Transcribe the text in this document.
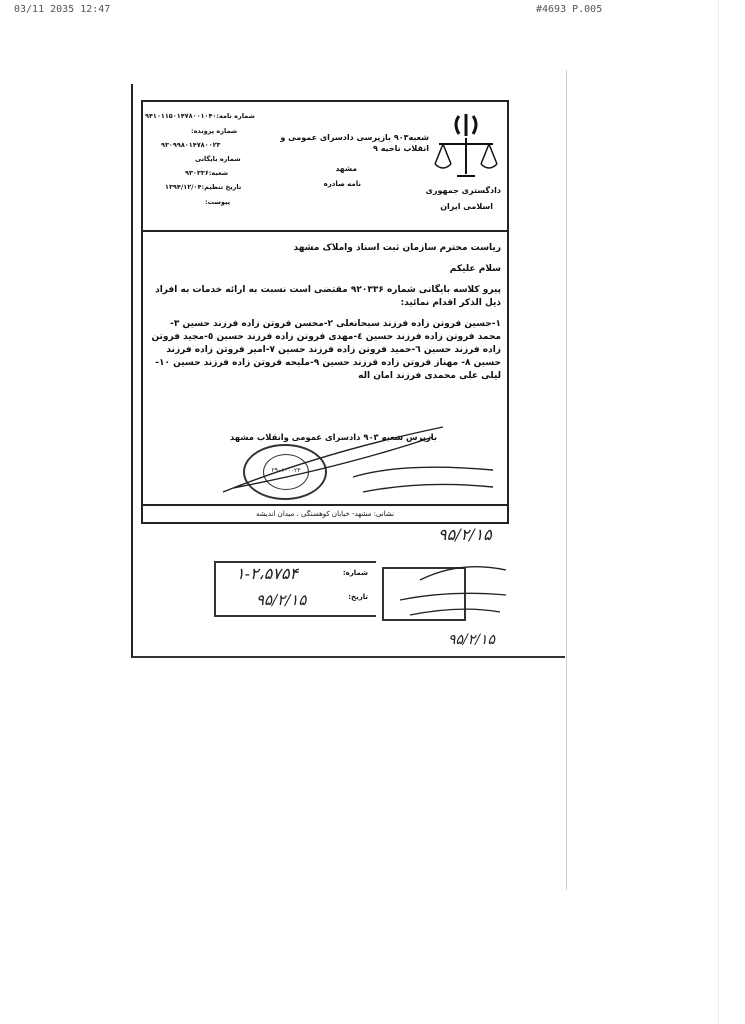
03/11 2035 12:47	#4693 P.005
دادگستری جمهوری
اسلامی ایران
شعبه۹۰۳ بازپرسی دادسرای عمومی و انقلاب ناحیه ۹
مشهد
نامه صادره
شماره نامه:۹۴۱۰۱۱۵۰۱۴۷۸۰۰۱۰۴۰
شماره پرونده:
۹۳۰۹۹۸۰۱۴۷۸۰۰۲۳
شماره بایگانی
شعبه:۹۳۰۳۳۶
تاریخ تنظیم:۱۳۹۴/۱۲/۰۴
پیوست:

ریاست محترم سازمان ثبت اسناد واملاک مشهد

سلام علیکم

پیرو کلاسه بایگانی شماره ۹۲۰۳۳۶ مقتضی است نسبت به ارائه خدمات به افراد ذیل الذکر اقدام نمائید:

۱-حسین فروتن زاده فرزند سبحانعلی ۲-محسن فروتن زاده فرزند حسین ۳-محمد فروتن زاده فرزند حسین ٤-مهدی فروتن زاده فرزند حسین ٥-مجید فروتن زاده فرزند حسین ٦-حمید فروتن زاده فرزند حسین ۷-امیر فروتن زاده فرزند حسین ۸- مهناز فروتن زاده فرزند حسین ۹-ملیحه فروتن زاده فرزند حسین ۱۰-لیلی علی محمدی فرزند امان اله

بازپرس شعبه ۹۰۳ دادسرای عمومی وانقلاب مشهد
۲۹۰۱۰۰۰۲۳
نشانی: مشهد- خیابان کوهسنگی ، میدان اندیشه
۹۵/۲/۱۵
شماره:
۱-۲،۵۷۵۴
تاریخ:
۹۵/۲/۱۵
۹۵/۲/۱۵
